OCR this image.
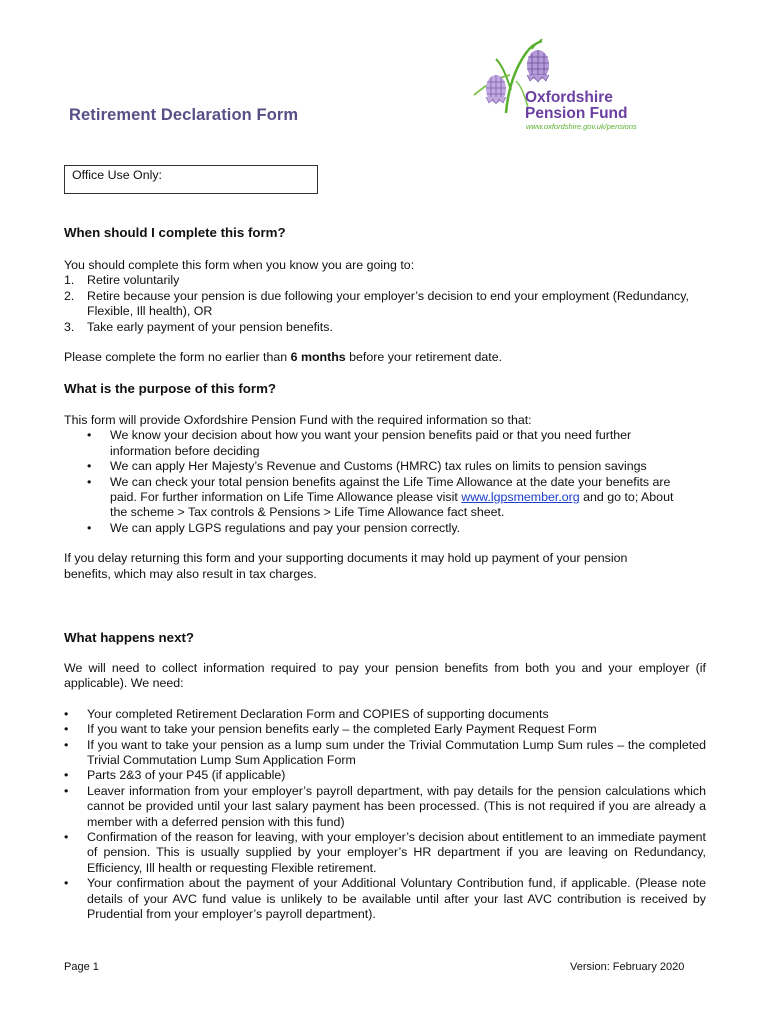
Retirement Declaration Form
Oxfordshire
Pension Fund
www.oxfordshire.gov.uk/pensions
Office Use Only:
When should I complete this form?

You should complete this form when you know you are going to:

1. Retire voluntarily
2. Retire because your pension is due following your employer’s decision to end your employment (Redundancy, Flexible, Ill health), OR
3. Take early payment of your pension benefits.

Please complete the form no earlier than 6 months before your retirement date.

What is the purpose of this form?

This form will provide Oxfordshire Pension Fund with the required information so that:

• We know your decision about how you want your pension benefits paid or that you need further information before deciding
• We can apply Her Majesty’s Revenue and Customs (HMRC) tax rules on limits to pension savings
• We can check your total pension benefits against the Life Time Allowance at the date your benefits are paid. For further information on Life Time Allowance please visit www.lgpsmember.org and go to; About the scheme > Tax controls & Pensions > Life Time Allowance fact sheet.
• We can apply LGPS regulations and pay your pension correctly.

If you delay returning this form and your supporting documents it may hold up payment of your pension benefits, which may also result in tax charges.

What happens next?

We will need to collect information required to pay your pension benefits from both you and your employer (if applicable). We need:

• Your completed Retirement Declaration Form and COPIES of supporting documents
• If you want to take your pension benefits early – the completed Early Payment Request Form
• If you want to take your pension as a lump sum under the Trivial Commutation Lump Sum rules – the completed Trivial Commutation Lump Sum Application Form
• Parts 2&3 of your P45 (if applicable)
• Leaver information from your employer’s payroll department, with pay details for the pension calculations which cannot be provided until your last salary payment has been processed. (This is not required if you are already a member with a deferred pension with this fund)
• Confirmation of the reason for leaving, with your employer’s decision about entitlement to an immediate payment of pension. This is usually supplied by your employer’s HR department if you are leaving on Redundancy, Efficiency, Ill health or requesting Flexible retirement.
• Your confirmation about the payment of your Additional Voluntary Contribution fund, if applicable. (Please note details of your AVC fund value is unlikely to be available until after your last AVC contribution is received by Prudential from your employer’s payroll department).
Page 1	Version: February 2020
